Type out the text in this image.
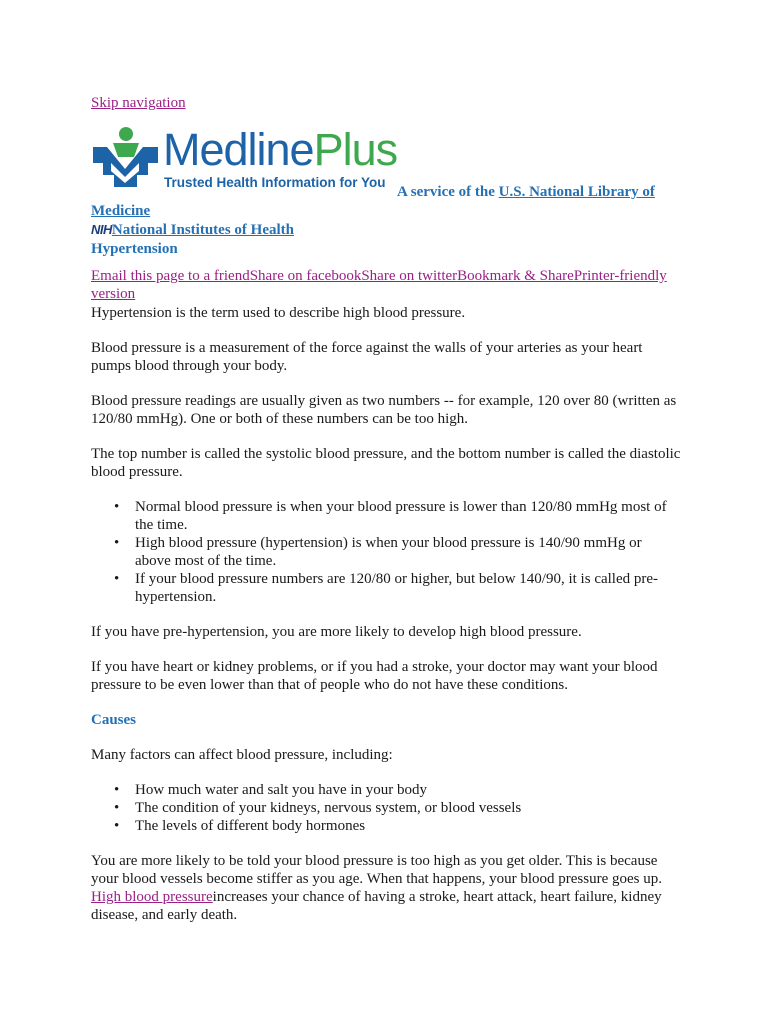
Skip navigation
MedlinePlus
Trusted Health Information for You
A service of the U.S. National Library of
Medicine
NIHNational Institutes of Health
Hypertension
Email this page to a friendShare on facebookShare on twitterBookmark & SharePrinter-friendly version

Hypertension is the term used to describe high blood pressure.

Blood pressure is a measurement of the force against the walls of your arteries as your heart pumps blood through your body.

Blood pressure readings are usually given as two numbers -- for example, 120 over 80 (written as 120/80 mmHg). One or both of these numbers can be too high.

The top number is called the systolic blood pressure, and the bottom number is called the diastolic blood pressure.

• Normal blood pressure is when your blood pressure is lower than 120/80 mmHg most of the time.
• High blood pressure (hypertension) is when your blood pressure is 140/90 mmHg or above most of the time.
• If your blood pressure numbers are 120/80 or higher, but below 140/90, it is called pre-hypertension.

If you have pre-hypertension, you are more likely to develop high blood pressure.

If you have heart or kidney problems, or if you had a stroke, your doctor may want your blood pressure to be even lower than that of people who do not have these conditions.

Causes

Many factors can affect blood pressure, including:

• How much water and salt you have in your body
• The condition of your kidneys, nervous system, or blood vessels
• The levels of different body hormones

You are more likely to be told your blood pressure is too high as you get older. This is because your blood vessels become stiffer as you age. When that happens, your blood pressure goes up. High blood pressureincreases your chance of having a stroke, heart attack, heart failure, kidney disease, and early death.
